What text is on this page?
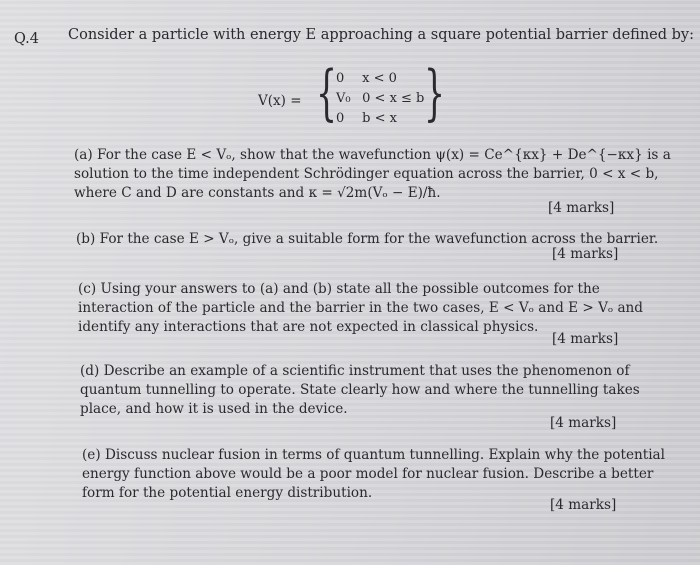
Q.4 Consider a particle with energy E approaching a square potential barrier defined by:
V(x) = {
0 x < 0
V₀ 0 < x ≤ b
0 b < x }
(a) For the case E < Vₒ, show that the wavefunction ψ(x) = Ce^{κx} + De^{−κx} is a
solution to the time independent Schrödinger equation across the barrier, 0 < x < b,
where C and D are constants and κ = √2m(Vₒ − E)/ħ.
[4 marks]
(b) For the case E > Vₒ, give a suitable form for the wavefunction across the barrier.
[4 marks]
(c) Using your answers to (a) and (b) state all the possible outcomes for the
interaction of the particle and the barrier in the two cases, E < Vₒ and E > Vₒ and
identify any interactions that are not expected in classical physics.
[4 marks]
(d) Describe an example of a scientific instrument that uses the phenomenon of
quantum tunnelling to operate. State clearly how and where the tunnelling takes
place, and how it is used in the device.
[4 marks]
(e) Discuss nuclear fusion in terms of quantum tunnelling. Explain why the potential
energy function above would be a poor model for nuclear fusion. Describe a better
form for the potential energy distribution.
[4 marks]
